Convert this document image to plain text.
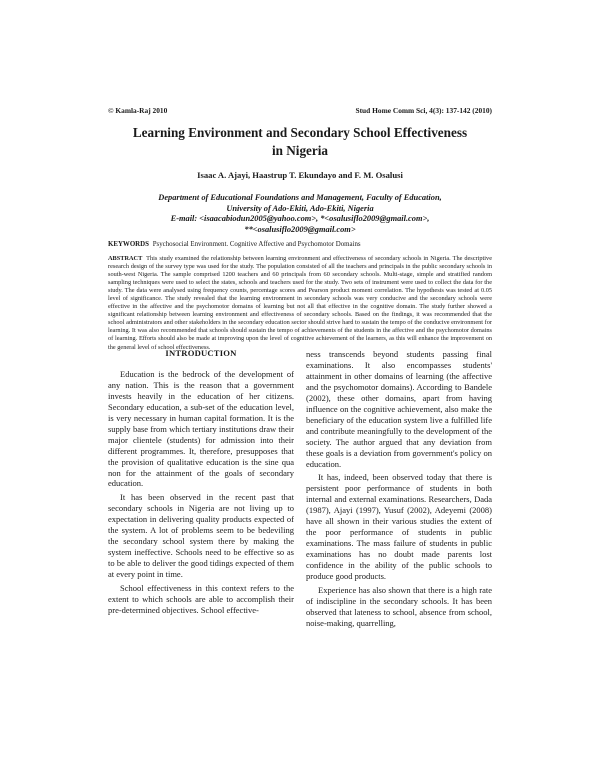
© Kamla-Raj 2010	Stud Home Comm Sci, 4(3): 137-142 (2010)
Learning Environment and Secondary School Effectiveness
in Nigeria
Isaac A. Ajayi, Haastrup T. Ekundayo and F. M. Osalusi
Department of Educational Foundations and Management, Faculty of Education,
University of Ado-Ekiti, Ado-Ekiti, Nigeria
E-mail: <isaacabiodun2005@yahoo.com>, *<osalusiflo2009@gmail.com>,
**<osalusiflo2009@gmail.com>
KEYWORDS Psychosocial Environment. Cognitive Affective and Psychomotor Domains

ABSTRACT This study examined the relationship between learning environment and effectiveness of secondary schools in Nigeria. The descriptive research design of the survey type was used for the study. The population consisted of all the teachers and principals in the public secondary schools in south-west Nigeria. The sample comprised 1200 teachers and 60 principals from 60 secondary schools. Multi-stage, simple and stratified random sampling techniques were used to select the states, schools and teachers used for the study. Two sets of instrument were used to collect the data for the study. The data were analysed using frequency counts, percentage scores and Pearson product moment correlation. The hypothesis was tested at 0.05 level of significance. The study revealed that the learning environment in secondary schools was very conducive and the secondary schools were effective in the affective and the psychomotor domains of learning but not all that effective in the cognitive domain. The study further showed a significant relationship between learning environment and effectiveness of secondary schools. Based on the findings, it was recommended that the school administrators and other stakeholders in the secondary education sector should strive hard to sustain the tempo of the conducive environment for learning. It was also recommended that schools should sustain the tempo of achievements of the students in the affective and the psychomotor domains of learning. Efforts should also be made at improving upon the level of cognitive achievement of the learners, as this will enhance the improvement on the general level of school effectiveness.

INTRODUCTION

Education is the bedrock of the development of any nation. This is the reason that a government invests heavily in the education of her citizens. Secondary education, a sub-set of the education level, is very necessary in human capital formation. It is the supply base from which tertiary institutions draw their major clientele (students) for admission into their different programmes. It, therefore, presupposes that the provision of qualitative education is the sine qua non for the attainment of the goals of secondary education.

It has been observed in the recent past that secondary schools in Nigeria are not living up to expectation in delivering quality products expected of the system. A lot of problems seem to be bedeviling the secondary school system there by making the system ineffective. Schools need to be effective so as to be able to deliver the good tidings expected of them at every point in time.

School effectiveness in this context refers to the extent to which schools are able to accomplish their pre-determined objectives. School effective-

ness transcends beyond students passing final examinations. It also encompasses students' attainment in other domains of learning (the affective and the psychomotor domains). According to Bandele (2002), these other domains, apart from having influence on the cognitive achievement, also make the beneficiary of the education system live a fulfilled life and contribute meaningfully to the development of the society. The author argued that any deviation from these goals is a deviation from government's policy on education.

It has, indeed, been observed today that there is persistent poor performance of students in both internal and external examinations. Researchers, Dada (1987), Ajayi (1997), Yusuf (2002), Adeyemi (2008) have all shown in their various studies the extent of the poor performance of students in public examinations. The mass failure of students in public examinations has no doubt made parents lost confidence in the ability of the public schools to produce good products.

Experience has also shown that there is a high rate of indiscipline in the secondary schools. It has been observed that lateness to school, absence from school, noise-making, quarrelling,
